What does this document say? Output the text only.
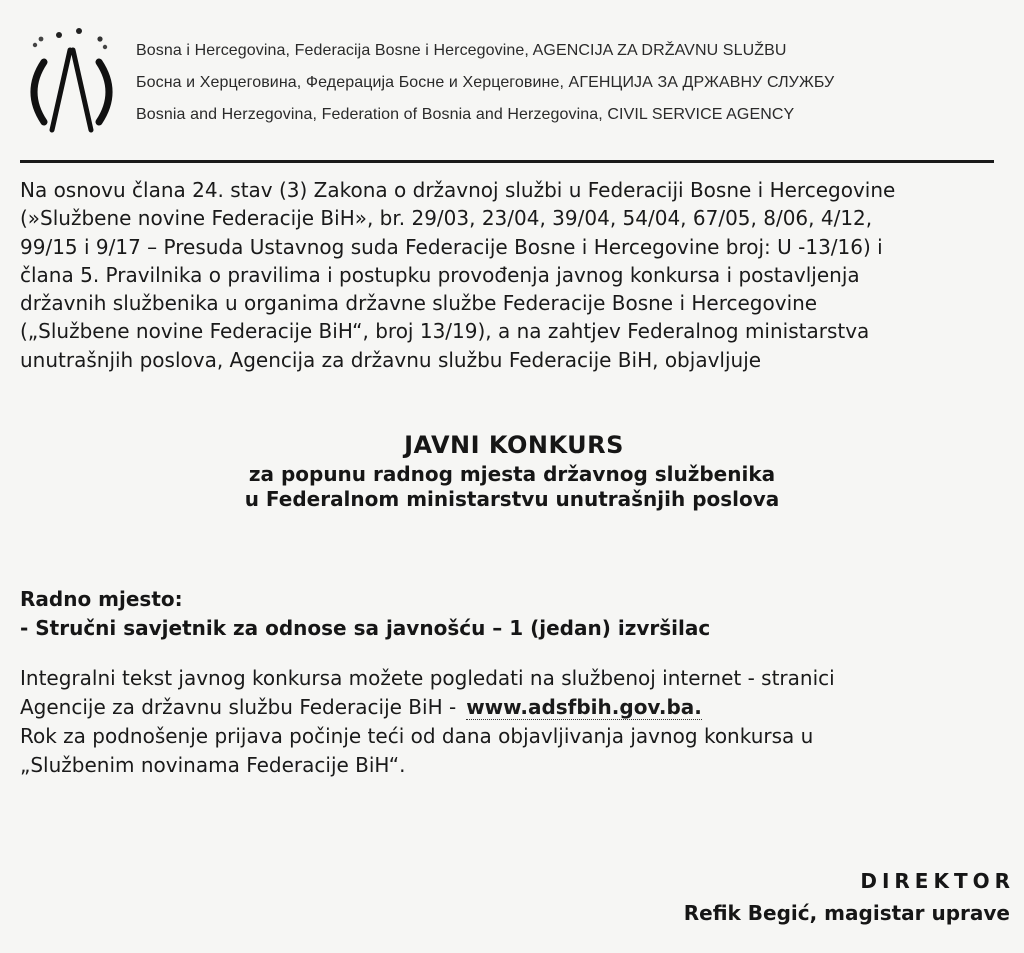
Bosna i Hercegovina, Federacija Bosne i Hercegovine, AGENCIJA ZA DRŽAVNU SLUŽBU
Босна и Херцеговина, Федерација Босне и Херцеговине, АГЕНЦИЈА ЗА ДРЖАВНУ СЛУЖБУ
Bosnia and Herzegovina, Federation of Bosnia and Herzegovina, CIVIL SERVICE AGENCY
Na osnovu člana 24. stav (3) Zakona o državnoj službi u Federaciji Bosne i Hercegovine
(»Službene novine Federacije BiH», br. 29/03, 23/04, 39/04, 54/04, 67/05, 8/06, 4/12,
99/15 i 9/17 – Presuda Ustavnog suda Federacije Bosne i Hercegovine broj: U -13/16) i
člana 5. Pravilnika o pravilima i postupku provođenja javnog konkursa i postavljenja
državnih službenika u organima državne službe Federacije Bosne i Hercegovine
(„Službene novine Federacije BiH“, broj 13/19), a na zahtjev Federalnog ministarstva
unutrašnjih poslova, Agencija za državnu službu Federacije BiH, objavljuje
JAVNI KONKURS
za popunu radnog mjesta državnog službenika
u Federalnom ministarstvu unutrašnjih poslova
Radno mjesto:
- Stručni savjetnik za odnose sa javnošću – 1 (jedan) izvršilac
Integralni tekst javnog konkursa možete pogledati na službenoj internet - stranici
Agencije za državnu službu Federacije BiH - www.adsfbih.gov.ba.
Rok za podnošenje prijava počinje teći od dana objavljivanja javnog konkursa u
„Službenim novinama Federacije BiH“.
DIREKTOR
Refik Begić, magistar uprave
